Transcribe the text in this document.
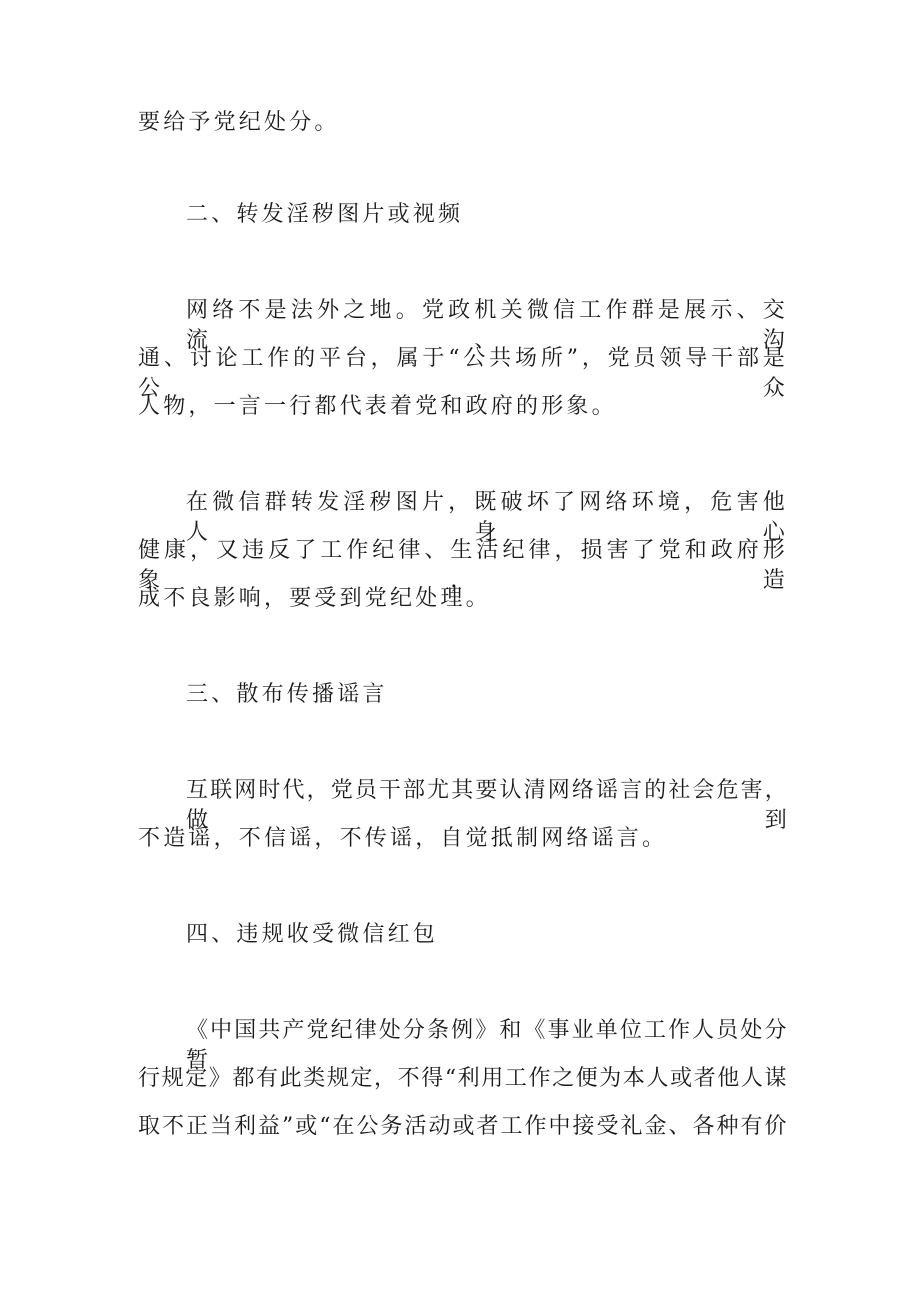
要给予党纪处分。
二、转发淫秽图片或视频
网络不是法外之地。党政机关微信工作群是展示、交流、沟
通、讨论工作的平台，属于“公共场所”，党员领导干部是公众
人物，一言一行都代表着党和政府的形象。
在微信群转发淫秽图片，既破坏了网络环境，危害他人身心
健康，又违反了工作纪律、生活纪律，损害了党和政府形象，造
成不良影响，要受到党纪处理。
三、散布传播谣言
互联网时代，党员干部尤其要认清网络谣言的社会危害，做到
不造谣，不信谣，不传谣，自觉抵制网络谣言。
四、违规收受微信红包
《中国共产党纪律处分条例》和《事业单位工作人员处分暂
行规定》都有此类规定，不得“利用工作之便为本人或者他人谋
取不正当利益”或“在公务活动或者工作中接受礼金、各种有价
